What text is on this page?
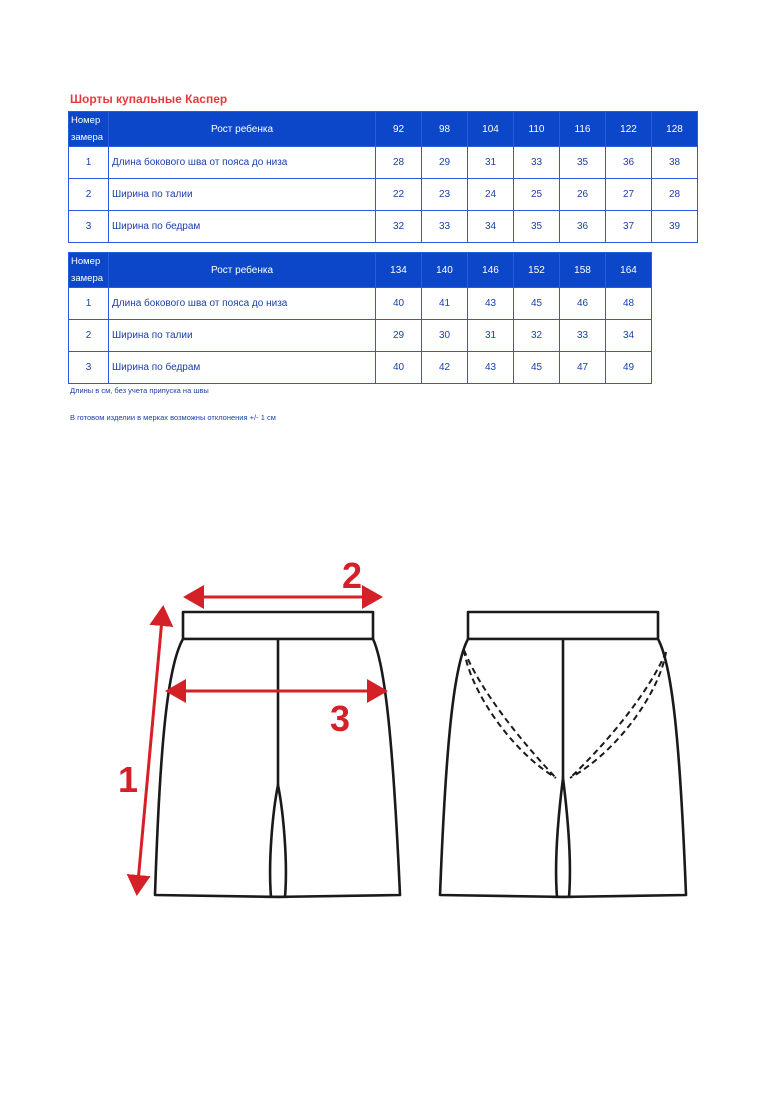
Шорты купальные Каспер
Номер
замера	Рост ребенка	92	98	104	110	116	122	128
1	Длина бокового шва от пояса до низа	28	29	31	33	35	36	38
2	Ширина по талии	22	23	24	25	26	27	28
3	Ширина по бедрам	32	33	34	35	36	37	39
Номер
замера	Рост ребенка	134	140	146	152	158	164
1	Длина бокового шва от пояса до низа	40	41	43	45	46	48
2	Ширина по талии	29	30	31	32	33	34
3	Ширина по бедрам	40	42	43	45	47	49
Длины в см, без учета припуска на швы
В готовом изделии в мерках возможны отклонения +/- 1 см
1
2
3
